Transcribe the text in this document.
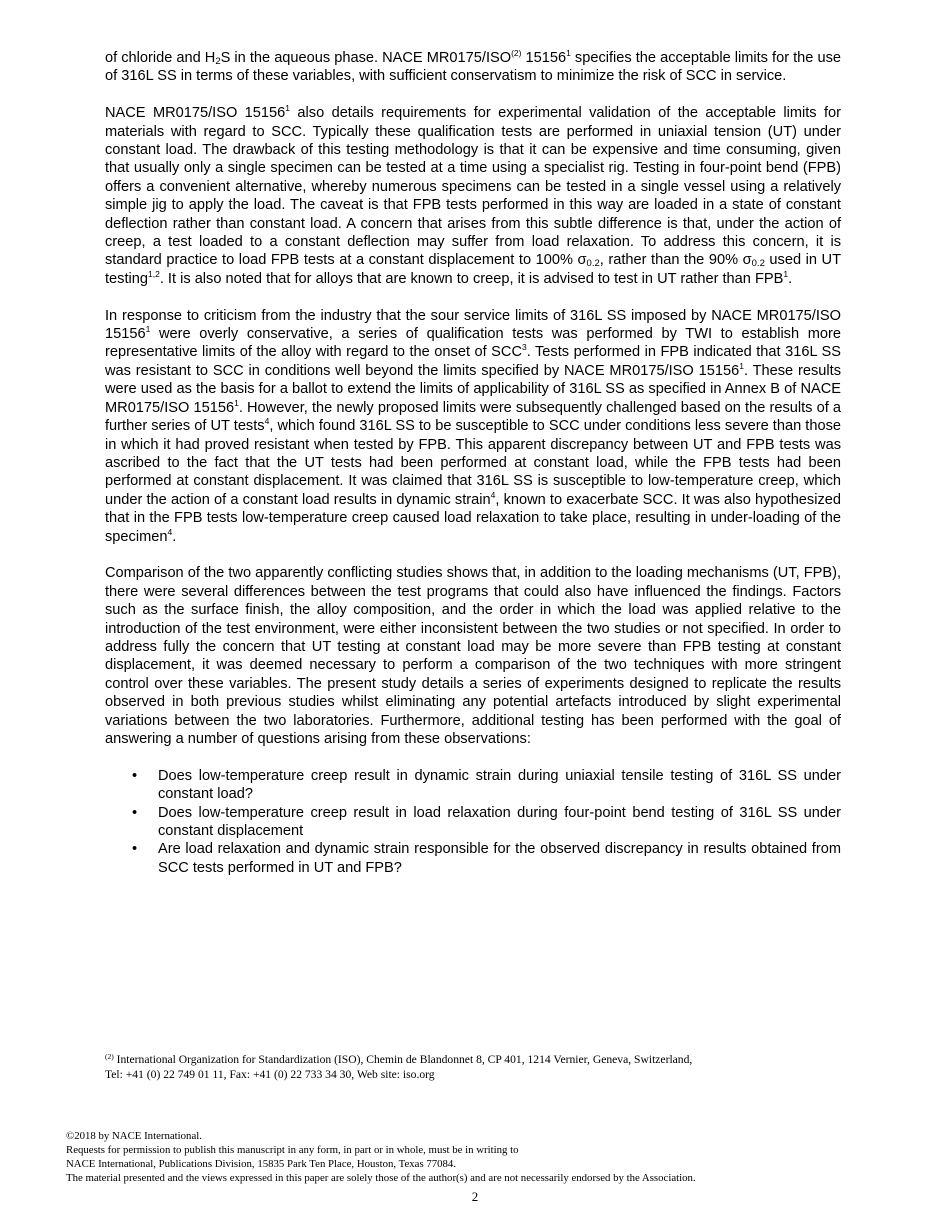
of chloride and $H_2S$ in the aqueous phase. NACE MR0175/ISO$^{(2)}$ 15156$^1$ specifies the acceptable limits for the use of 316L SS in terms of these variables, with sufficient conservatism to minimize the risk of SCC in service.

NACE MR0175/ISO 15156$^1$ also details requirements for experimental validation of the acceptable limits for materials with regard to SCC. Typically these qualification tests are performed in uniaxial tension (UT) under constant load. The drawback of this testing methodology is that it can be expensive and time consuming, given that usually only a single specimen can be tested at a time using a specialist rig. Testing in four-point bend (FPB) offers a convenient alternative, whereby numerous specimens can be tested in a single vessel using a relatively simple jig to apply the load. The caveat is that FPB tests performed in this way are loaded in a state of constant deflection rather than constant load. A concern that arises from this subtle difference is that, under the action of creep, a test loaded to a constant deflection may suffer from load relaxation. To address this concern, it is standard practice to load FPB tests at a constant displacement to 100% $\sigma_{0.2}$, rather than the 90% $\sigma_{0.2}$ used in UT testing$^{1,2}$. It is also noted that for alloys that are known to creep, it is advised to test in UT rather than FPB$^1$.

In response to criticism from the industry that the sour service limits of 316L SS imposed by NACE MR0175/ISO 15156$^1$ were overly conservative, a series of qualification tests was performed by TWI to establish more representative limits of the alloy with regard to the onset of SCC$^3$. Tests performed in FPB indicated that 316L SS was resistant to SCC in conditions well beyond the limits specified by NACE MR0175/ISO 15156$^1$. These results were used as the basis for a ballot to extend the limits of applicability of 316L SS as specified in Annex B of NACE MR0175/ISO 15156$^1$. However, the newly proposed limits were subsequently challenged based on the results of a further series of UT tests$^4$, which found 316L SS to be susceptible to SCC under conditions less severe than those in which it had proved resistant when tested by FPB. This apparent discrepancy between UT and FPB tests was ascribed to the fact that the UT tests had been performed at constant load, while the FPB tests had been performed at constant displacement. It was claimed that 316L SS is susceptible to low-temperature creep, which under the action of a constant load results in dynamic strain$^4$, known to exacerbate SCC. It was also hypothesized that in the FPB tests low-temperature creep caused load relaxation to take place, resulting in under-loading of the specimen$^4$.

Comparison of the two apparently conflicting studies shows that, in addition to the loading mechanisms (UT, FPB), there were several differences between the test programs that could also have influenced the findings. Factors such as the surface finish, the alloy composition, and the order in which the load was applied relative to the introduction of the test environment, were either inconsistent between the two studies or not specified. In order to address fully the concern that UT testing at constant load may be more severe than FPB testing at constant displacement, it was deemed necessary to perform a comparison of the two techniques with more stringent control over these variables. The present study details a series of experiments designed to replicate the results observed in both previous studies whilst eliminating any potential artefacts introduced by slight experimental variations between the two laboratories. Furthermore, additional testing has been performed with the goal of answering a number of questions arising from these observations:

• Does low-temperature creep result in dynamic strain during uniaxial tensile testing of 316L SS under constant load?
• Does low-temperature creep result in load relaxation during four-point bend testing of 316L SS under constant displacement
• Are load relaxation and dynamic strain responsible for the observed discrepancy in results obtained from SCC tests performed in UT and FPB?
$^{(2)}$ International Organization for Standardization (ISO), Chemin de Blandonnet 8, CP 401, 1214 Vernier, Geneva, Switzerland,
Tel: +41 (0) 22 749 01 11, Fax: +41 (0) 22 733 34 30, Web site: iso.org
©2018 by NACE International.
Requests for permission to publish this manuscript in any form, in part or in whole, must be in writing to
NACE International, Publications Division, 15835 Park Ten Place, Houston, Texas 77084.
The material presented and the views expressed in this paper are solely those of the author(s) and are not necessarily endorsed by the Association.
2
